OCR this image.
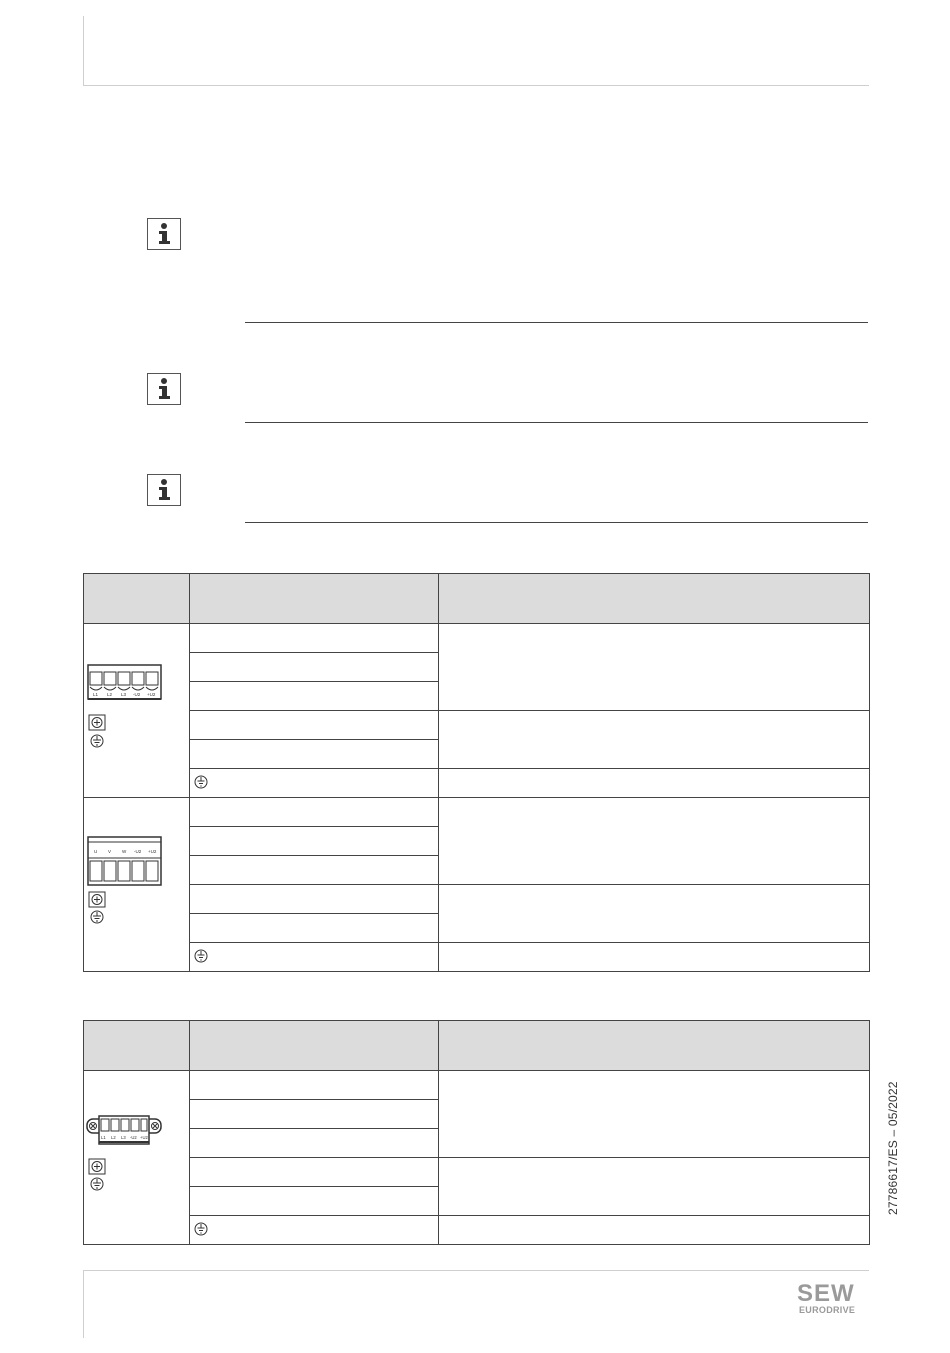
L1 L2 L3 -U2 +U2			

U V W -U2 +U2			

L1 L2 L3 -U2 +U2			

		27786617/ES – 05/2022
SEW
EURODRIVE
